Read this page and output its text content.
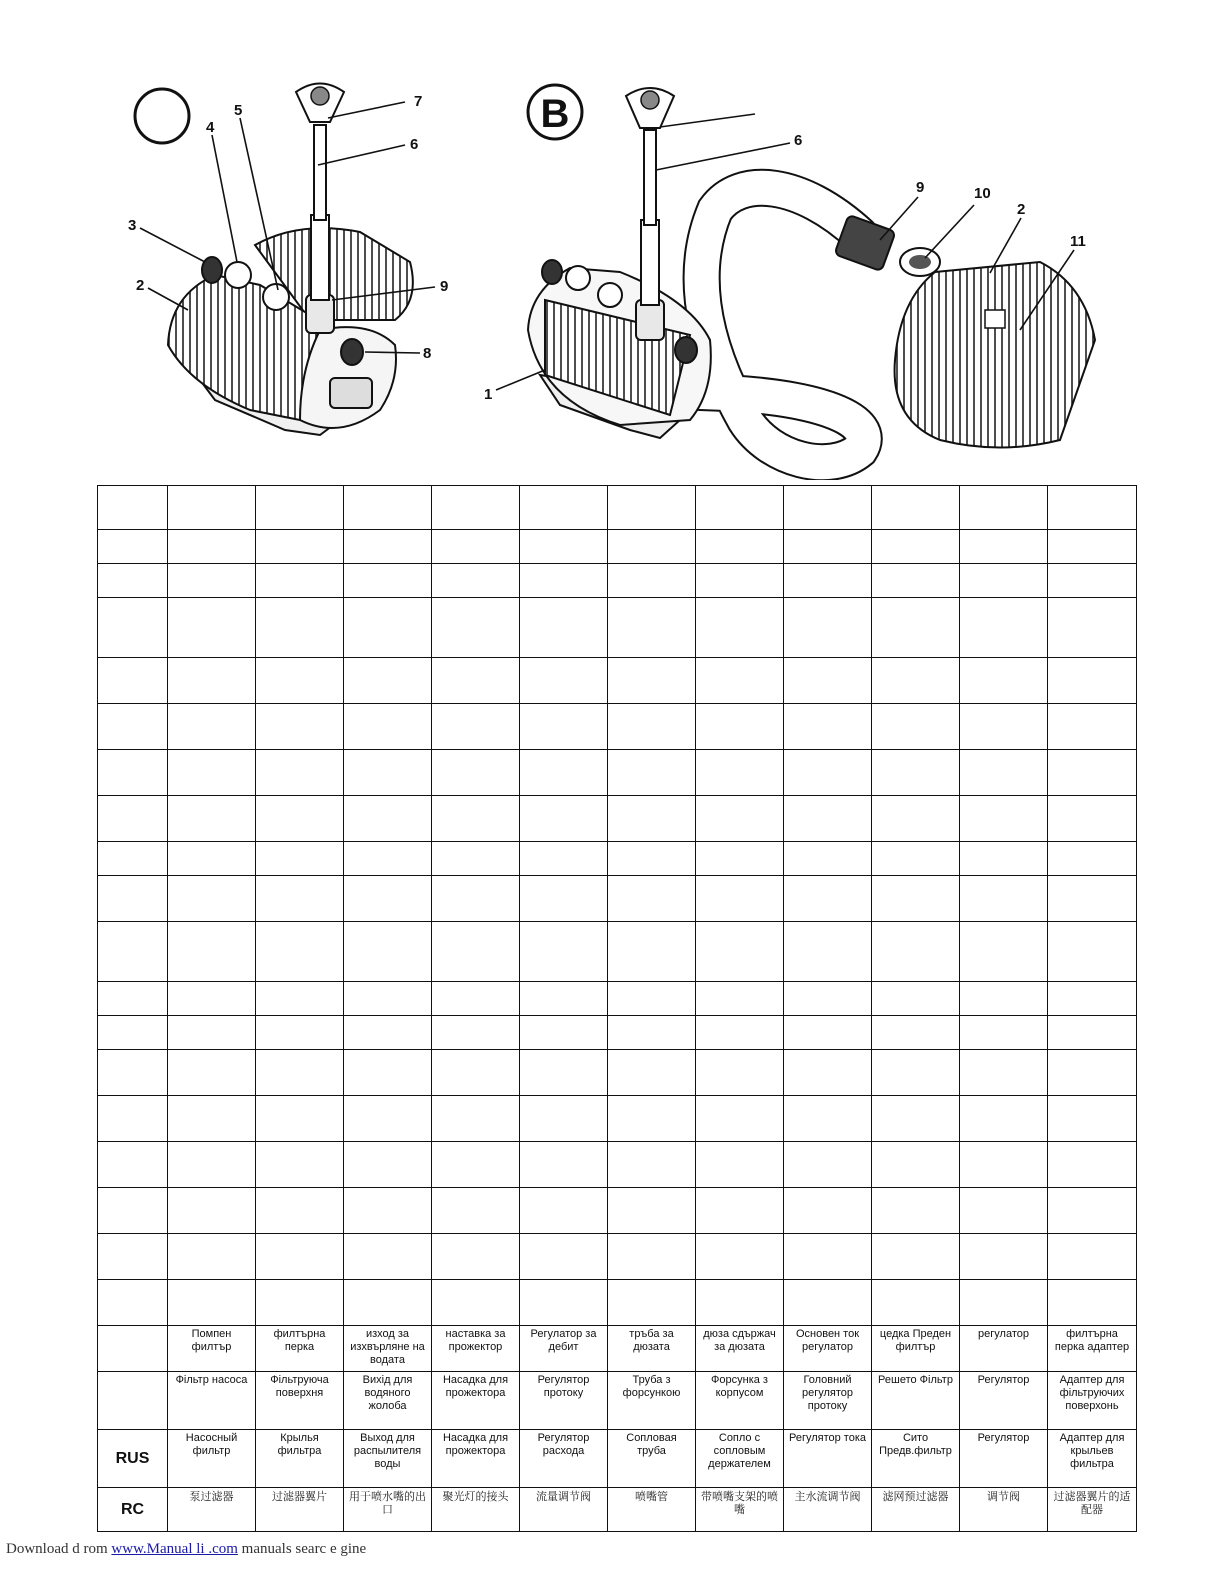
7
5
4
6
3
9
2
8
B
6
9	10
2
11
1

	Помпен филтър	филтърна перка	изход за изхвърляне на водата	наставка за прожектор	Регулатор за дебит	тръба за дюзата	дюза сдържач за дюзата	Основен ток регулатор	цедка Преден филтър	регулатор	филтърна перка адаптер
	Фільтр насоса	Фільтруюча поверхня	Вихід для водяного жолоба	Насадка для прожектора	Регулятор протоку	Труба з форсункою	Форсунка з корпусом	Головний регулятор протоку	Решето Фільтр	Регулятор	Адаптер для фільтруючих поверхонь
RUS	Насосный фильтр	Крылья фильтра	Выход для распылителя воды	Насадка для прожектора	Регулятор расхода	Сопловая труба	Сопло с сопловым держателем	Регулятор тока	Сито Предв.фильтр	Регулятор	Адаптер для крыльев фильтра
RC	泵过滤器	过滤器翼片	用于喷水嘴的出口	聚光灯的接头	流量调节阀	喷嘴管	带喷嘴支架的喷嘴	主水流调节阀	滤网预过滤器	调节阀	过滤器翼片的适配器
Download d rom www.Manual li .com manuals searc e gine
